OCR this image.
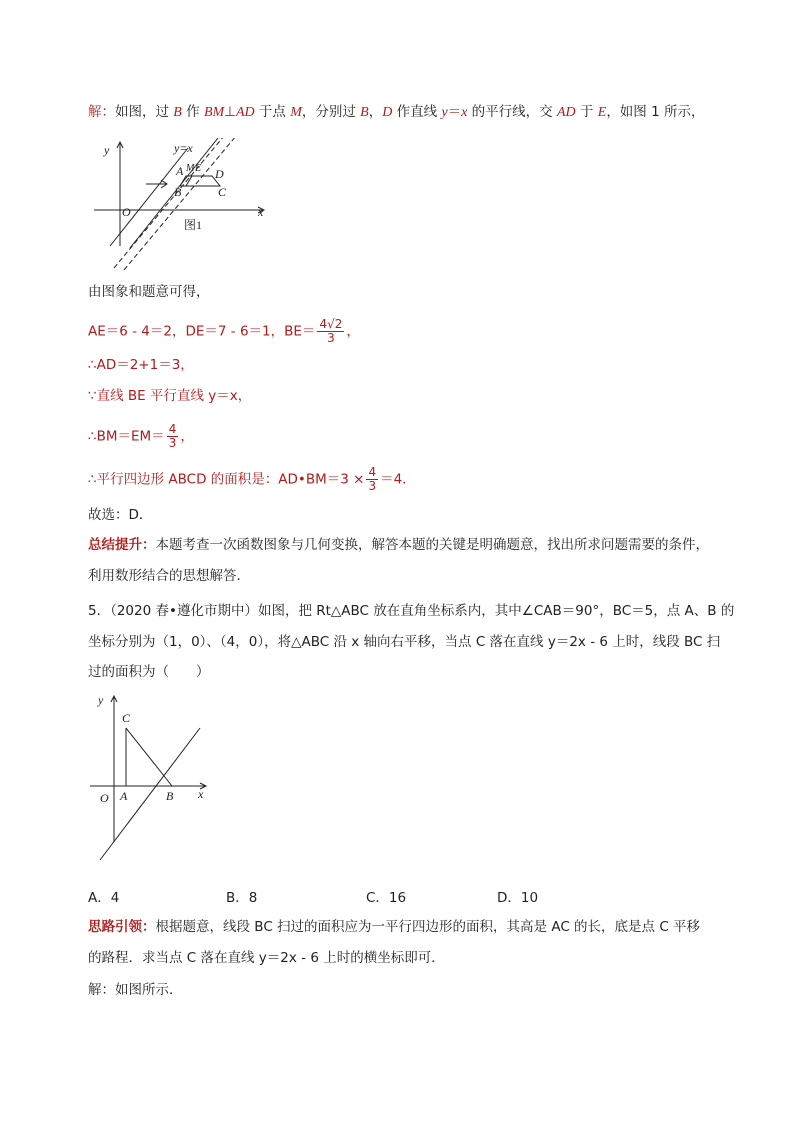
解：如图，过 B 作 BM⊥AD 于点 M，分别过 B，D 作直线 y＝x 的平行线，交 AD 于 E，如图 1 所示，
y
x
O
y=x
A M E D
B	C
图1
由图象和题意可得，
AE＝6 - 4＝2，DE＝7 - 6＝1，$BE= \frac{4√2}{3}$ ，
∴AD＝2+1＝3，
∵直线 BE 平行直线 y＝x，
∴BM＝EM＝ $\frac{4}{3}$ ，
∴平行四边形 ABCD 的面积是：AD•BM＝3 × $\frac{4}{3} =4$．
故选：D．
总结提升：本题考查一次函数图象与几何变换，解答本题的关键是明确题意，找出所求问题需要的条件，
利用数形结合的思想解答．
5．（2020 春•遵化市期中）如图，把 Rt△ABC 放在直角坐标系内，其中∠CAB＝90°，BC＝5，点 A、B 的
坐标分别为（1，0）、（4，0），将△ABC 沿 x 轴向右平移，当点 C 落在直线 y＝2x - 6 上时，线段 BC 扫
过的面积为（　　）
y
x
O A	B
C
A．4	B．8	C．16	D．10
思路引领：根据题意，线段 BC 扫过的面积应为一平行四边形的面积，其高是 AC 的长，底是点 C 平移
的路程．求当点 C 落在直线 y＝2x - 6 上时的横坐标即可．
解：如图所示．
